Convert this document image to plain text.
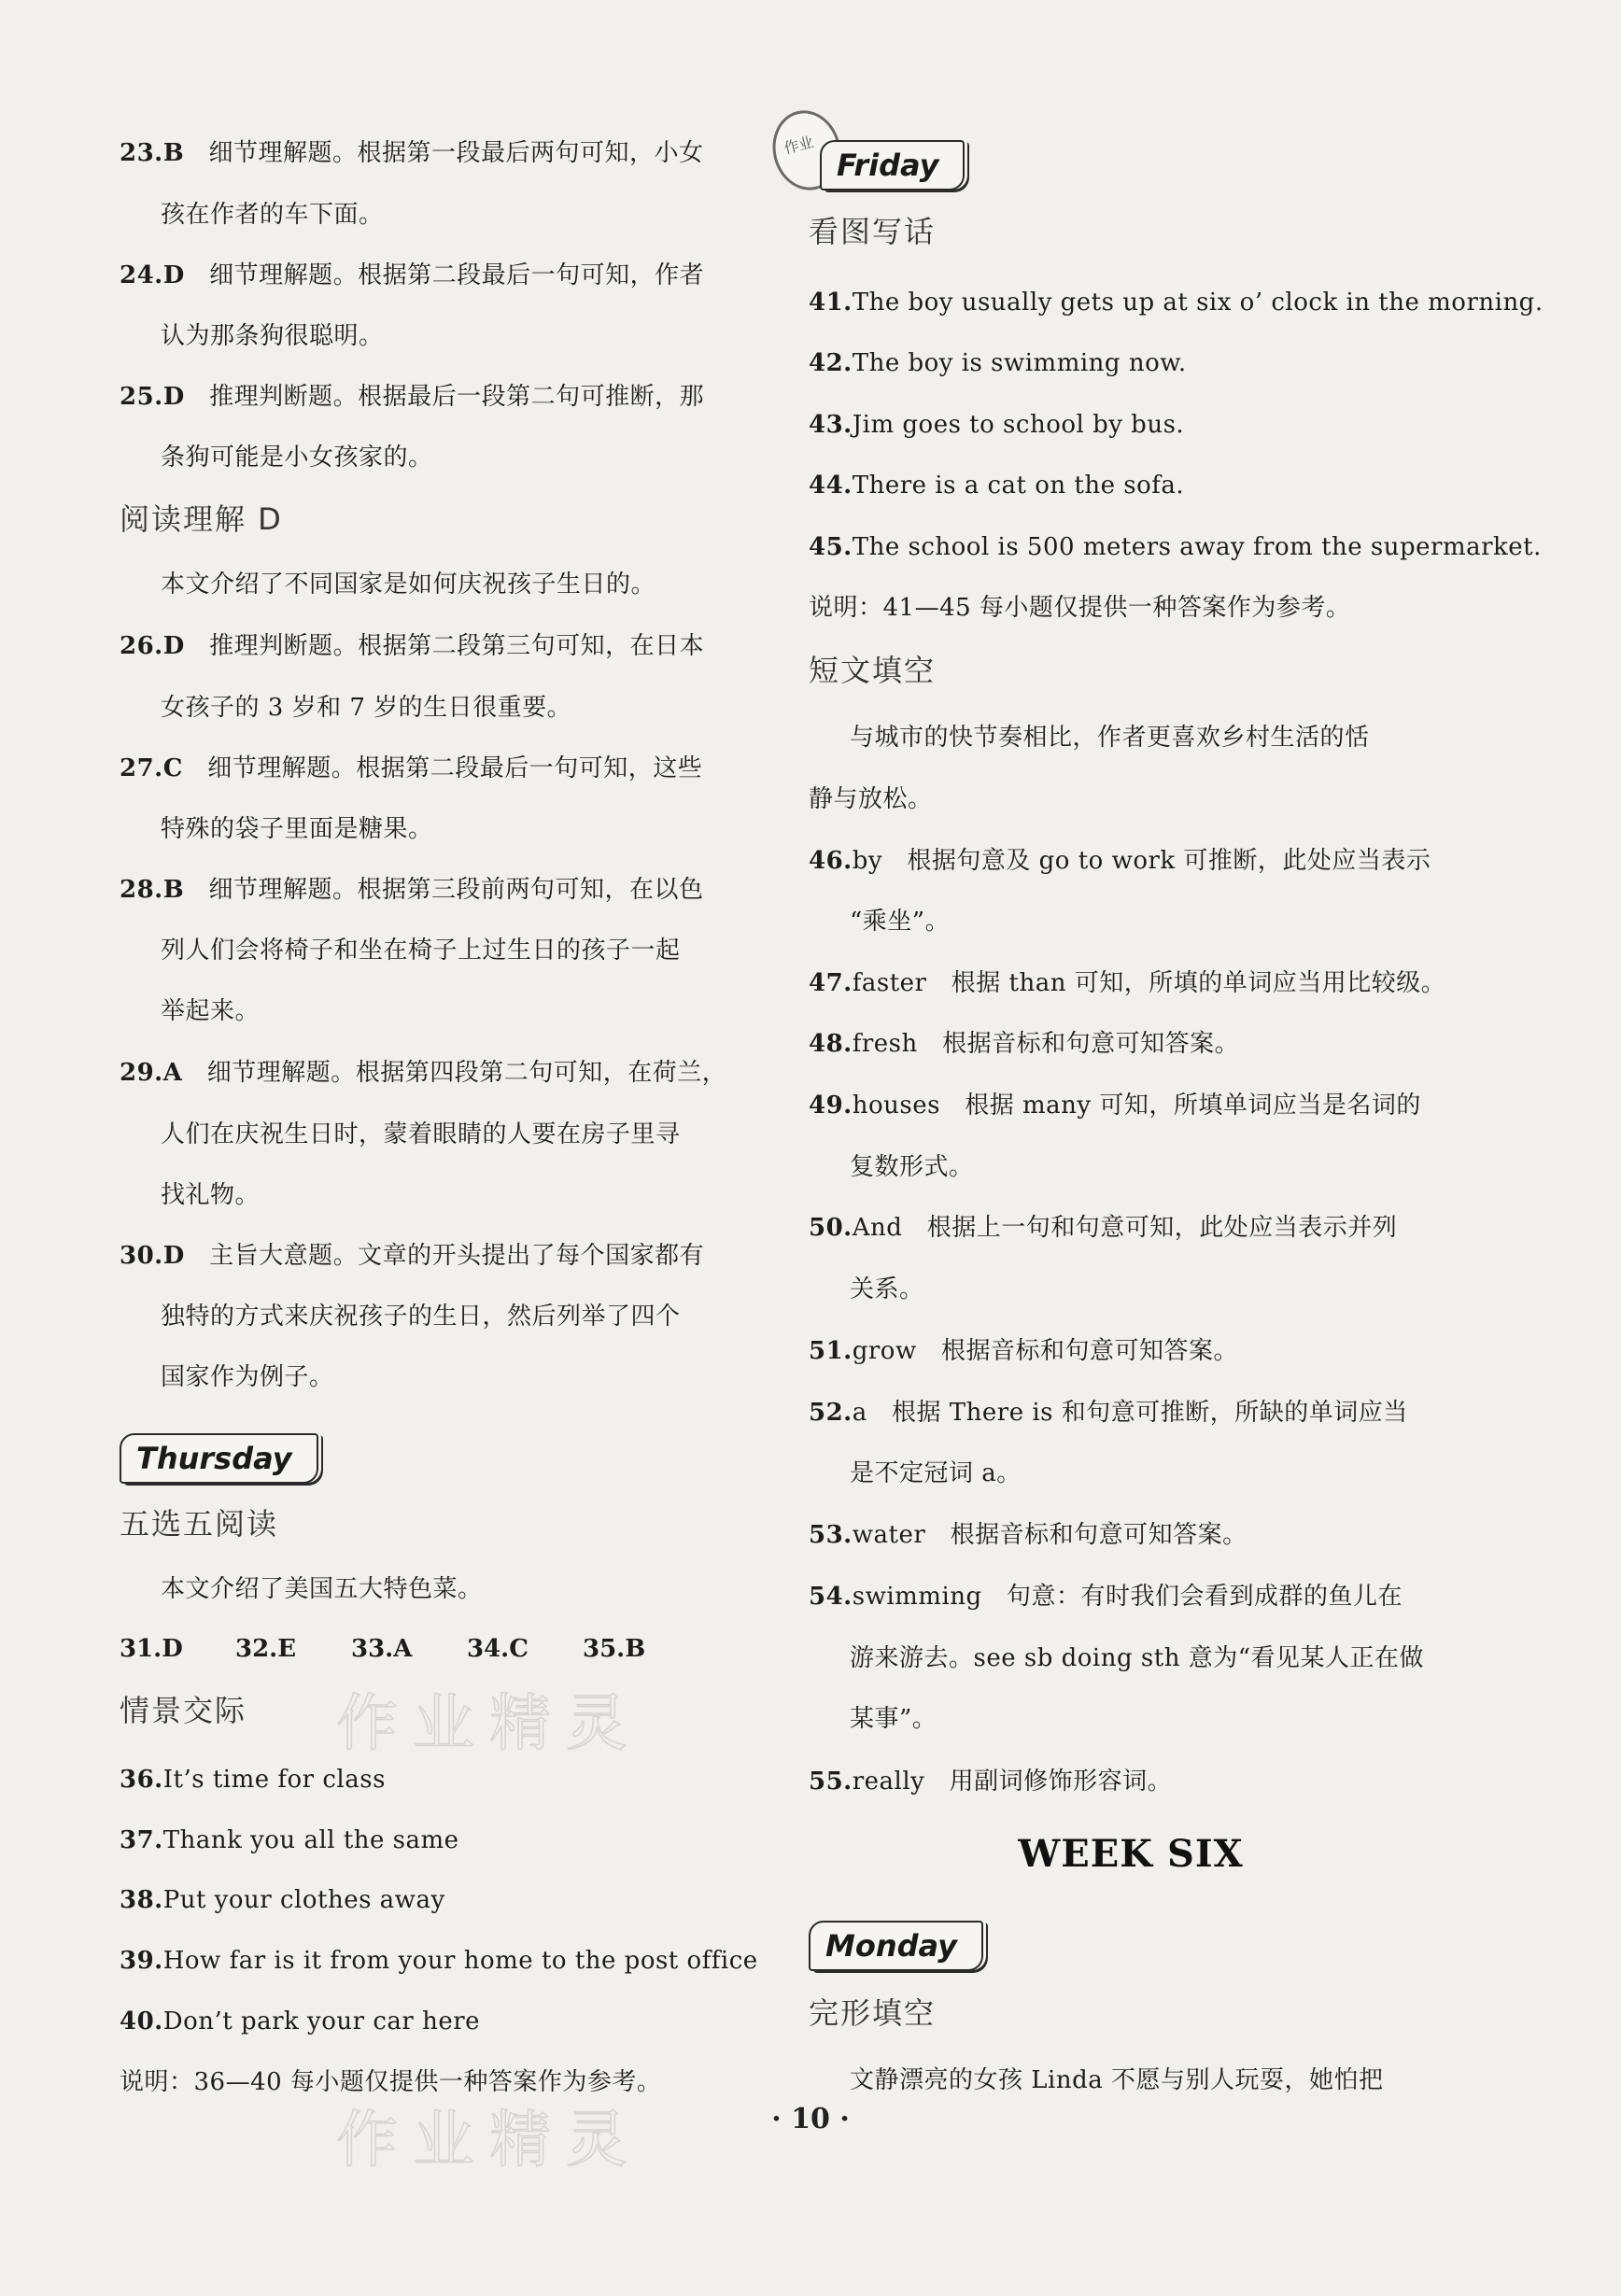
作业精灵
作业精灵
23.B 细节理解题。根据第一段最后两句可知，小女
孩在作者的车下面。
24.D 细节理解题。根据第二段最后一句可知，作者
认为那条狗很聪明。
25.D 推理判断题。根据最后一段第二句可推断，那
条狗可能是小女孩家的。
阅读理解 D
本文介绍了不同国家是如何庆祝孩子生日的。
26.D 推理判断题。根据第二段第三句可知，在日本
女孩子的 3 岁和 7 岁的生日很重要。
27.C 细节理解题。根据第二段最后一句可知，这些
特殊的袋子里面是糖果。
28.B 细节理解题。根据第三段前两句可知，在以色
列人们会将椅子和坐在椅子上过生日的孩子一起
举起来。
29.A 细节理解题。根据第四段第二句可知，在荷兰，
人们在庆祝生日时，蒙着眼睛的人要在房子里寻
找礼物。
30.D 主旨大意题。文章的开头提出了每个国家都有
独特的方式来庆祝孩子的生日，然后列举了四个
国家作为例子。
Thursday
五选五阅读
本文介绍了美国五大特色菜。
31.D 32.E 33.A 34.C 35.B
情景交际
36.It’s time for class
37.Thank you all the same
38.Put your clothes away
39.How far is it from your home to the post office
40.Don’t park your car here
说明：36—40 每小题仅提供一种答案作为参考。
作业
Friday
看图写话
41.The boy usually gets up at six o’ clock in the morning.
42.The boy is swimming now.
43.Jim goes to school by bus.
44.There is a cat on the sofa.
45.The school is 500 meters away from the supermarket.
说明：41—45 每小题仅提供一种答案作为参考。
短文填空
与城市的快节奏相比，作者更喜欢乡村生活的恬
静与放松。
46.by 根据句意及 go to work 可推断，此处应当表示
“乘坐”。
47.faster 根据 than 可知，所填的单词应当用比较级。
48.fresh 根据音标和句意可知答案。
49.houses 根据 many 可知，所填单词应当是名词的
复数形式。
50.And 根据上一句和句意可知，此处应当表示并列
关系。
51.grow 根据音标和句意可知答案。
52.a 根据 There is 和句意可推断，所缺的单词应当
是不定冠词 a。
53.water 根据音标和句意可知答案。
54.swimming 句意：有时我们会看到成群的鱼儿在
游来游去。see sb doing sth 意为“看见某人正在做
某事”。
55.really 用副词修饰形容词。
WEEK SIX
Monday
完形填空
文静漂亮的女孩 Linda 不愿与别人玩耍，她怕把
· 10 ·
